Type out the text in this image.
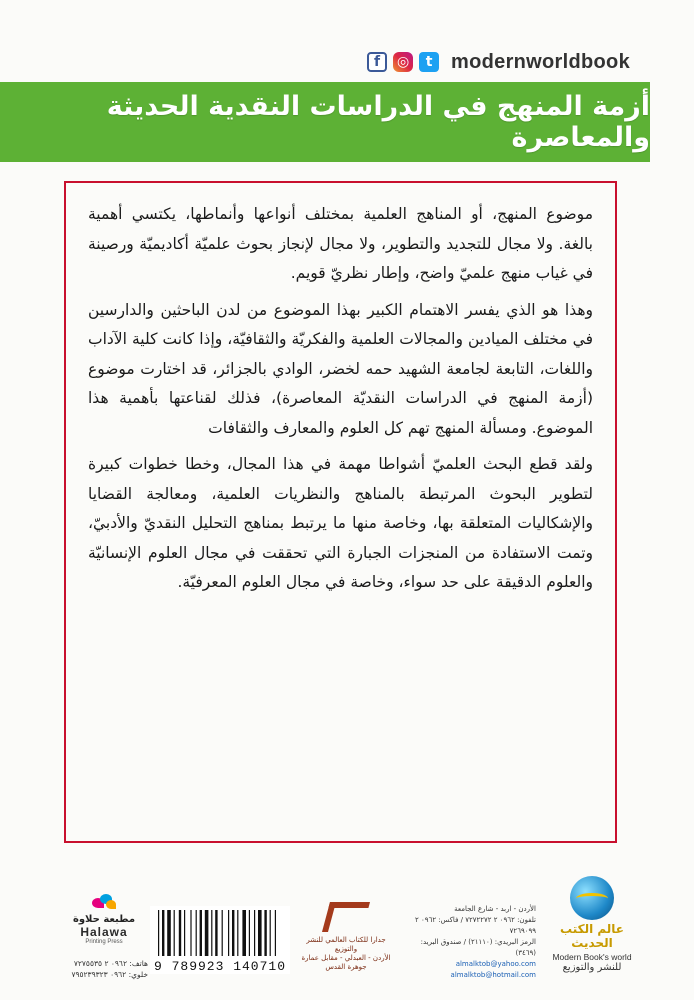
f	◎	t modernworldbook
أزمة المنهج في الدراسات النقدية الحديثة والمعاصرة

موضوع المنهج، أو المناهج العلمية بمختلف أنواعها وأنماطها، يكتسي أهمية بالغة. ولا مجال للتجديد والتطوير، ولا مجال لإنجاز بحوث علميّة أكاديميّة ورصينة في غياب منهج علميّ واضح، وإطار نظريّ قويم.

وهذا هو الذي يفسر الاهتمام الكبير بهذا الموضوع من لدن الباحثين والدارسين في مختلف الميادين والمجالات العلمية والفكريّة والثقافيّة، وإذا كانت كلية الآداب واللغات، التابعة لجامعة الشهيد حمه لخضر، الوادي بالجزائر، قد اختارت موضوع (أزمة المنهج في الدراسات النقديّة المعاصرة)، فذلك لقناعتها بأهمية هذا الموضوع. ومسألة المنهج تهم كل العلوم والمعارف والثقافات

ولقد قطع البحث العلميّ أشواطا مهمة في هذا المجال، وخطا خطوات كبيرة لتطوير البحوث المرتبطة بالمناهج والنظريات العلمية، ومعالجة القضايا والإشكاليات المتعلقة بها، وخاصة منها ما يرتبط بمناهج التحليل النقديّ والأدبيّ، وتمت الاستفادة من المنجزات الجبارة التي تحققت في مجال العلوم الإنسانيّة والعلوم الدقيقة على حد سواء، وخاصة في مجال العلوم المعرفيّة.

عالم الكتب الحديث
Modern Book's world
للنشر والتوزيع
الأردن - اربد - شارع الجامعة
تلفون: ٠٩٦٢ ٢ ٧٢٧٢٢٧٢ / فاكس: ٠٩٦٢ ٢ ٧٢٦٩٠٩٩
الرمز البريدي: (٢١١١٠) / صندوق البريد: (٣٤٦٩)
almalktob@yahoo.com
almalktob@hotmail.com
جدارا للكتاب العالمي للنشر والتوزيع
الأردن - العبدلي - مقابل عمارة جوهرة القدس
9 789923 140710
مطبعة حلاوة
Halawa
Printing Press
هاتف: ٠٩٦٢ ٢ ٧٢٧٥٥٣٥
خلوي: ٠٩٦٢ ٧٩٥٢٣٩٣٢٣
